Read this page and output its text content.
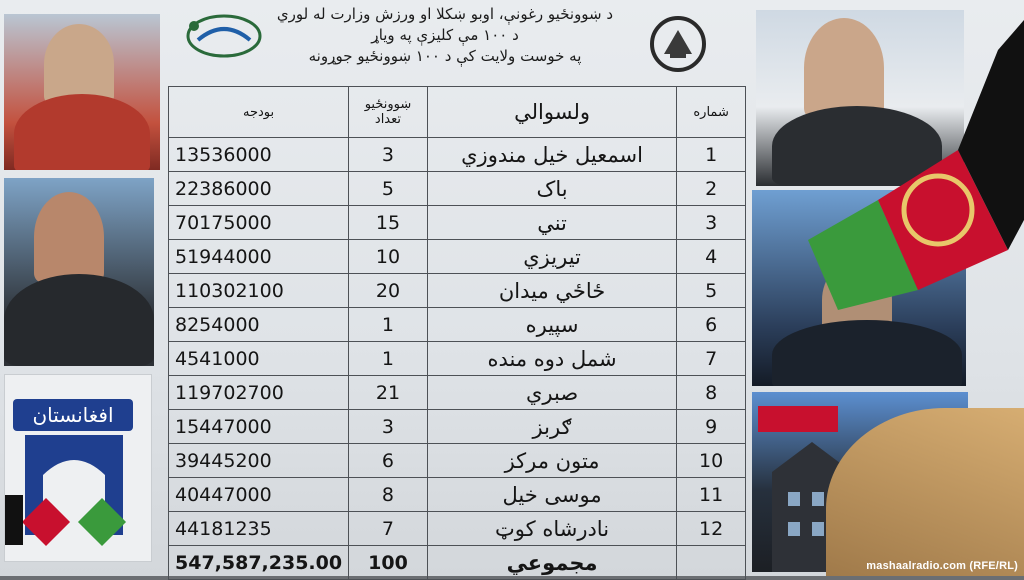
افغانستان
د ښوونځيو رغونې، اوبو ښکلا او ورزش وزارت له لوري
د ۱۰۰ مې کليزې په وياړ
په خوست ولايت کې د ۱۰۰ ښوونځيو جوړونه
شماره	ولسوالي	ښوونځيو تعداد	بودجه
1	اسمعيل خيل مندوزي	3	13536000
2	باک	5	22386000
3	تني	15	70175000
4	تيريزي	10	51944000
5	ځاځي ميدان	20	110302100
6	سپيره	1	8254000
7	شمل دوه منده	1	4541000
8	صبري	21	119702700
9	ګربز	3	15447000
10	متون مرکز	6	39445200
11	موسى خيل	8	40447000
12	نادرشاه کوټ	7	44181235
	مجموعي	100	547,587,235.00	mashaalradio.com (RFE/RL)
